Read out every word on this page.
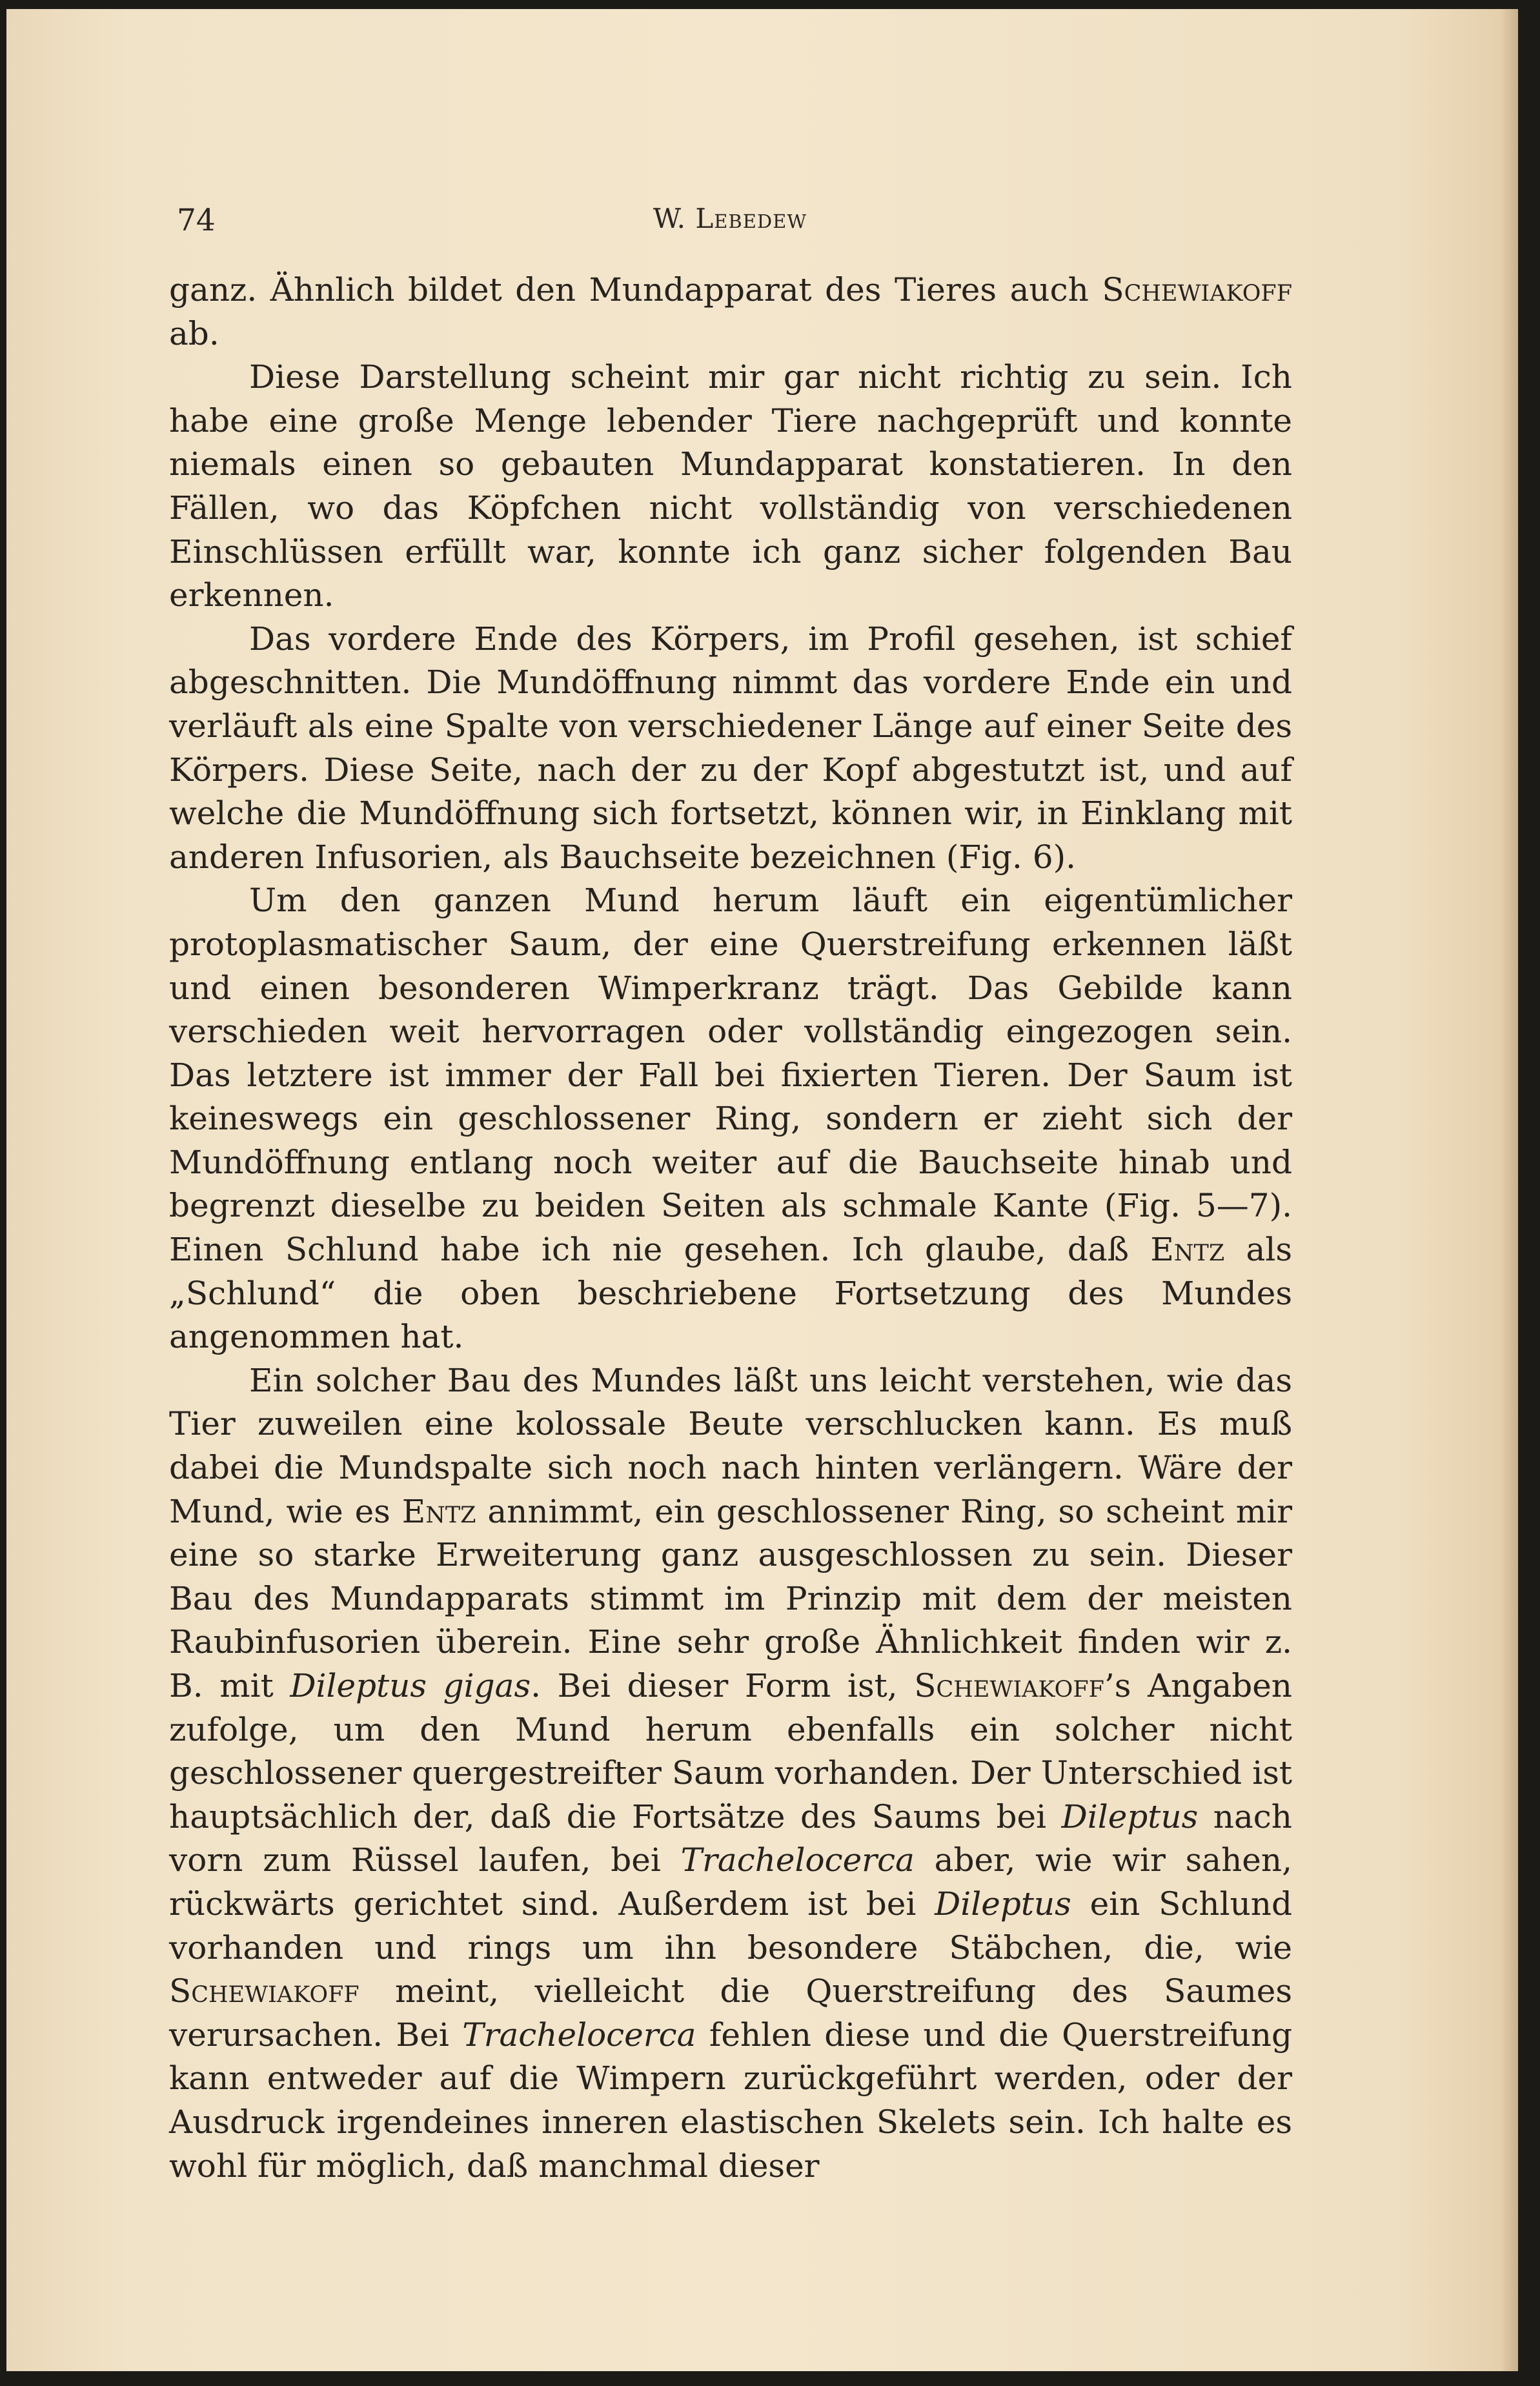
74	W. Lebedew

ganz. Ähnlich bildet den Mundapparat des Tieres auch Schewiakoff ab.

Diese Darstellung scheint mir gar nicht richtig zu sein. Ich habe eine große Menge lebender Tiere nachgeprüft und konnte niemals einen so gebauten Mundapparat konstatieren. In den Fällen, wo das Köpfchen nicht vollständig von verschiedenen Einschlüssen erfüllt war, konnte ich ganz sicher folgenden Bau erkennen.

Das vordere Ende des Körpers, im Profil gesehen, ist schief abgeschnitten. Die Mundöffnung nimmt das vordere Ende ein und verläuft als eine Spalte von verschiedener Länge auf einer Seite des Körpers. Diese Seite, nach der zu der Kopf abgestutzt ist, und auf welche die Mundöffnung sich fortsetzt, können wir, in Einklang mit anderen Infusorien, als Bauchseite bezeichnen (Fig. 6).

Um den ganzen Mund herum läuft ein eigentümlicher protoplasmatischer Saum, der eine Querstreifung erkennen läßt und einen besonderen Wimperkranz trägt. Das Gebilde kann verschieden weit hervorragen oder vollständig eingezogen sein. Das letztere ist immer der Fall bei fixierten Tieren. Der Saum ist keineswegs ein geschlossener Ring, sondern er zieht sich der Mundöffnung entlang noch weiter auf die Bauchseite hinab und begrenzt dieselbe zu beiden Seiten als schmale Kante (Fig. 5—7). Einen Schlund habe ich nie gesehen. Ich glaube, daß Entz als „Schlund“ die oben beschriebene Fortsetzung des Mundes angenommen hat.

Ein solcher Bau des Mundes läßt uns leicht verstehen, wie das Tier zuweilen eine kolossale Beute verschlucken kann. Es muß dabei die Mundspalte sich noch nach hinten verlängern. Wäre der Mund, wie es Entz annimmt, ein geschlossener Ring, so scheint mir eine so starke Erweiterung ganz ausgeschlossen zu sein. Dieser Bau des Mundapparats stimmt im Prinzip mit dem der meisten Raubinfusorien überein. Eine sehr große Ähnlichkeit finden wir z. B. mit Dileptus gigas. Bei dieser Form ist, Schewiakoff’s Angaben zufolge, um den Mund herum ebenfalls ein solcher nicht geschlossener quergestreifter Saum vorhanden. Der Unterschied ist hauptsächlich der, daß die Fortsätze des Saums bei Dileptus nach vorn zum Rüssel laufen, bei Trachelocerca aber, wie wir sahen, rückwärts gerichtet sind. Außerdem ist bei Dileptus ein Schlund vorhanden und rings um ihn besondere Stäbchen, die, wie Schewiakoff meint, vielleicht die Querstreifung des Saumes verursachen. Bei Trachelocerca fehlen diese und die Querstreifung kann entweder auf die Wimpern zurückgeführt werden, oder der Ausdruck irgendeines inneren elastischen Skelets sein. Ich halte es wohl für möglich, daß manchmal dieser
